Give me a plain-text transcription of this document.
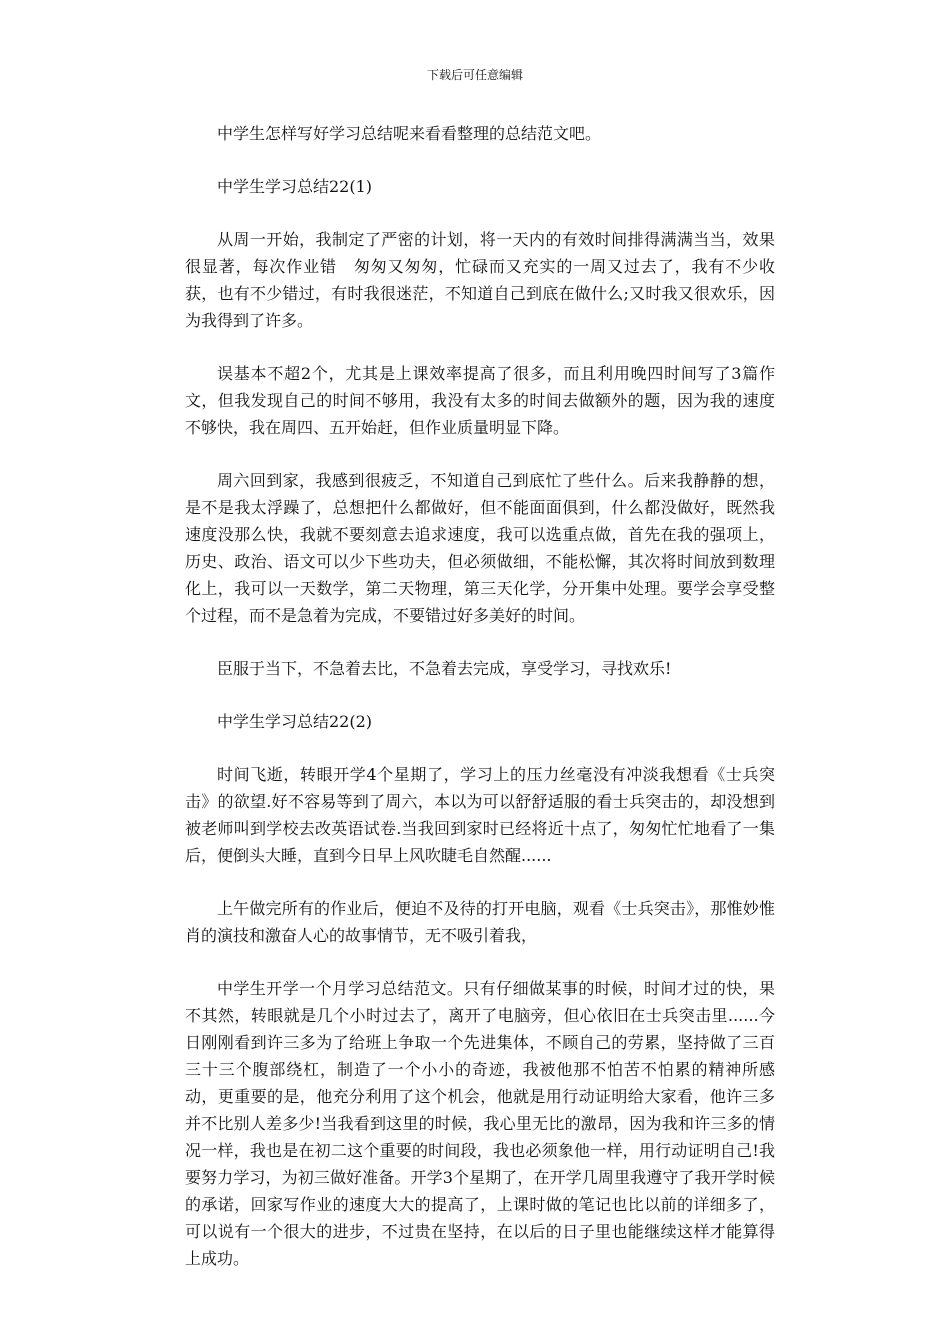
下载后可任意编辑

中学生怎样写好学习总结呢来看看整理的总结范文吧。

中学生学习总结22(1)

从周一开始，我制定了严密的计划，将一天内的有效时间排得满满当当，效果很显著，每次作业错　匆匆又匆匆，忙碌而又充实的一周又过去了，我有不少收获，也有不少错过，有时我很迷茫，不知道自己到底在做什么;又时我又很欢乐，因为我得到了许多。

误基本不超2个，尤其是上课效率提高了很多，而且利用晚四时间写了3篇作文，但我发现自己的时间不够用，我没有太多的时间去做额外的题，因为我的速度不够快，我在周四、五开始赶，但作业质量明显下降。

周六回到家，我感到很疲乏，不知道自己到底忙了些什么。后来我静静的想，是不是我太浮躁了，总想把什么都做好，但不能面面俱到，什么都没做好，既然我速度没那么快，我就不要刻意去追求速度，我可以选重点做，首先在我的强项上，历史、政治、语文可以少下些功夫，但必须做细，不能松懈，其次将时间放到数理化上，我可以一天数学，第二天物理，第三天化学，分开集中处理。要学会享受整个过程，而不是急着为完成，不要错过好多美好的时间。

臣服于当下，不急着去比，不急着去完成，享受学习，寻找欢乐!

中学生学习总结22(2)

时间飞逝，转眼开学4个星期了，学习上的压力丝毫没有冲淡我想看《士兵突击》的欲望.好不容易等到了周六，本以为可以舒舒适服的看士兵突击的，却没想到被老师叫到学校去改英语试卷.当我回到家时已经将近十点了，匆匆忙忙地看了一集后，便倒头大睡，直到今日早上风吹睫毛自然醒......

上午做完所有的作业后，便迫不及待的打开电脑，观看《士兵突击》，那惟妙惟肖的演技和激奋人心的故事情节，无不吸引着我，

中学生开学一个月学习总结范文。只有仔细做某事的时候，时间才过的快，果不其然，转眼就是几个小时过去了，离开了电脑旁，但心依旧在士兵突击里......今日刚刚看到许三多为了给班上争取一个先进集体，不顾自己的劳累，坚持做了三百三十三个腹部绕杠，制造了一个小小的奇迹，我被他那不怕苦不怕累的精神所感动，更重要的是，他充分利用了这个机会，他就是用行动证明给大家看，他许三多并不比别人差多少!当我看到这里的时候，我心里无比的激昂，因为我和许三多的情况一样，我也是在初二这个重要的时间段，我也必须象他一样，用行动证明自己!我要努力学习，为初三做好准备。开学3个星期了，在开学几周里我遵守了我开学时候的承诺，回家写作业的速度大大的提高了，上课时做的笔记也比以前的详细多了，可以说有一个很大的进步，不过贵在坚持，在以后的日子里也能继续这样才能算得上成功。
